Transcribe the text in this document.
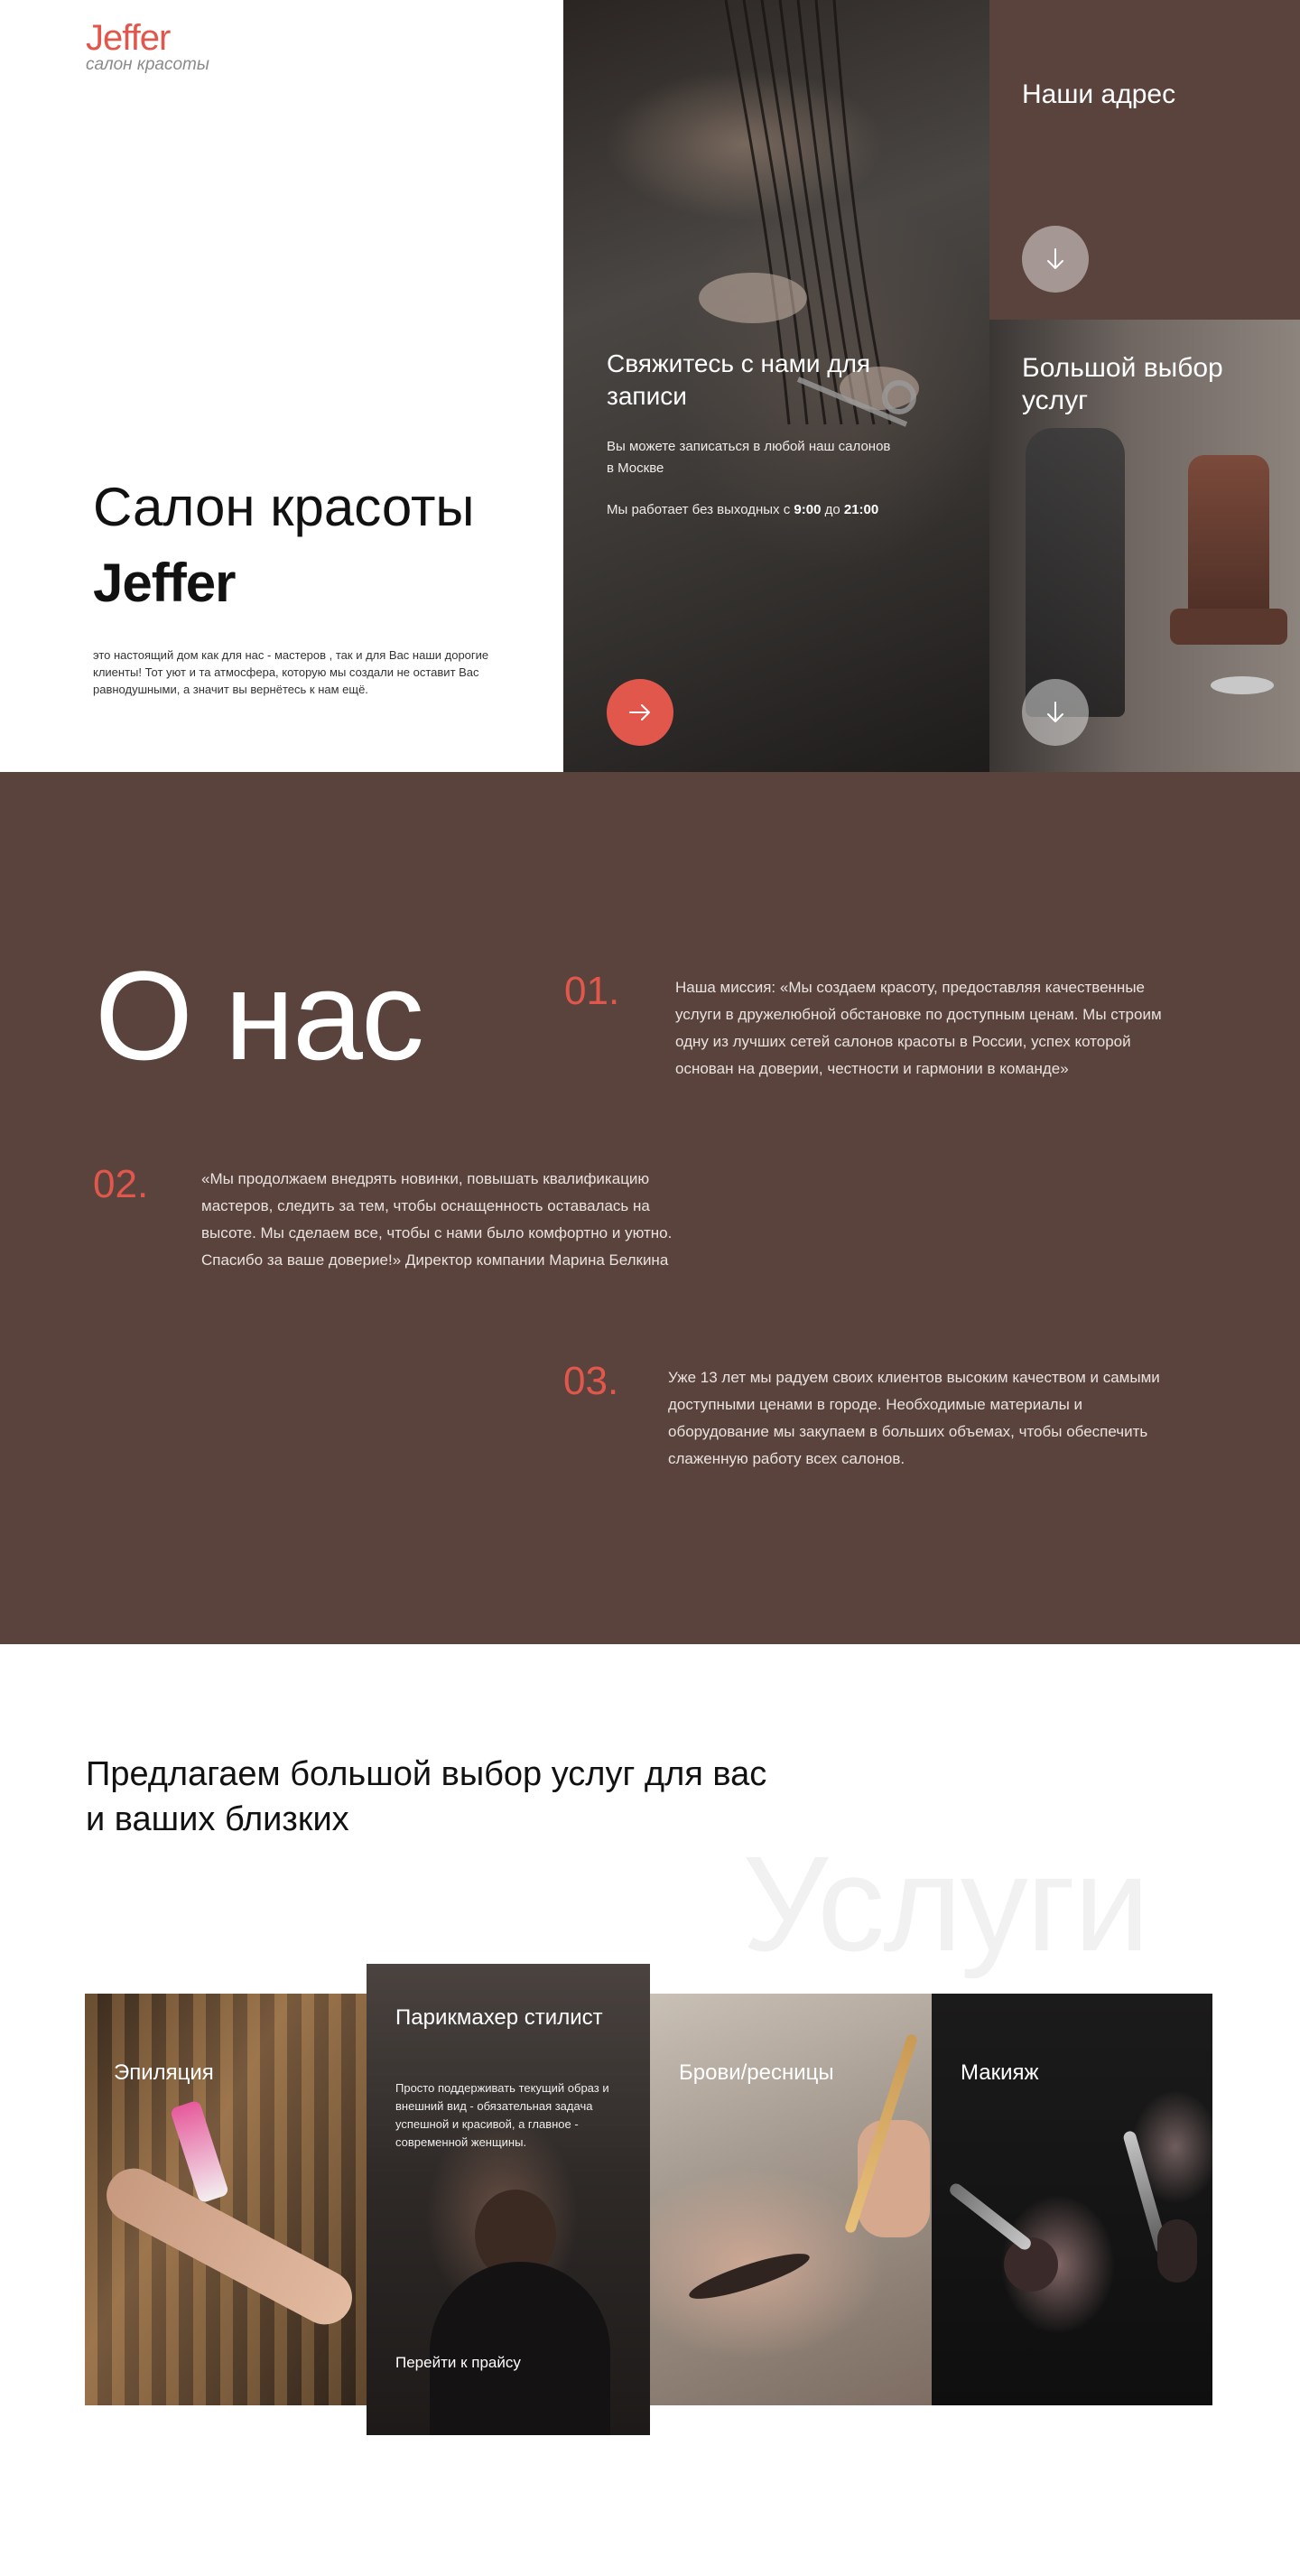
Jeffer
салон красоты
Салон красоты
Jeffer
это настоящий дом как для нас - мастеров , так и для Вас наши дорогие клиенты! Тот уют и та атмосфера, которую мы создали не оставит Вас равнодушными, а значит вы вернётесь к нам ещё.
Свяжитесь с нами для записи
Вы можете записаться в любой наш салонов в Москве
Мы работает без выходных с 9:00 до 21:00
Наши адрес
Большой выбор услуг
О нас	01.	Наша миссия: «Мы создаем красоту, предоставляя качественные услуги в дружелюбной обстановке по доступным ценам. Мы строим одну из лучших сетей салонов красоты в России, успех которой основан на доверии, честности и гармонии в команде»
02.	«Мы продолжаем внедрять новинки, повышать квалификацию мастеров, следить за тем, чтобы оснащенность оставалась на высоте. Мы сделаем все, чтобы с нами было комфортно и уютно. Спасибо за ваше доверие!» Директор компании Марина Белкина
03.	Уже 13 лет мы радуем своих клиентов высоким качеством и самыми доступными ценами в городе. Необходимые материалы и оборудование мы закупаем в больших объемах, чтобы обеспечить слаженную работу всех салонов.
Услуги
Предлагаем большой выбор услуг для вас и ваших близких
Эпиляция
Парикмахер стилист
Просто поддерживать текущий образ и внешний вид - обязательная задача успешной и красивой, а главное - современной женщины.
Перейти к прайсу
Брови/ресницы	Макияж
